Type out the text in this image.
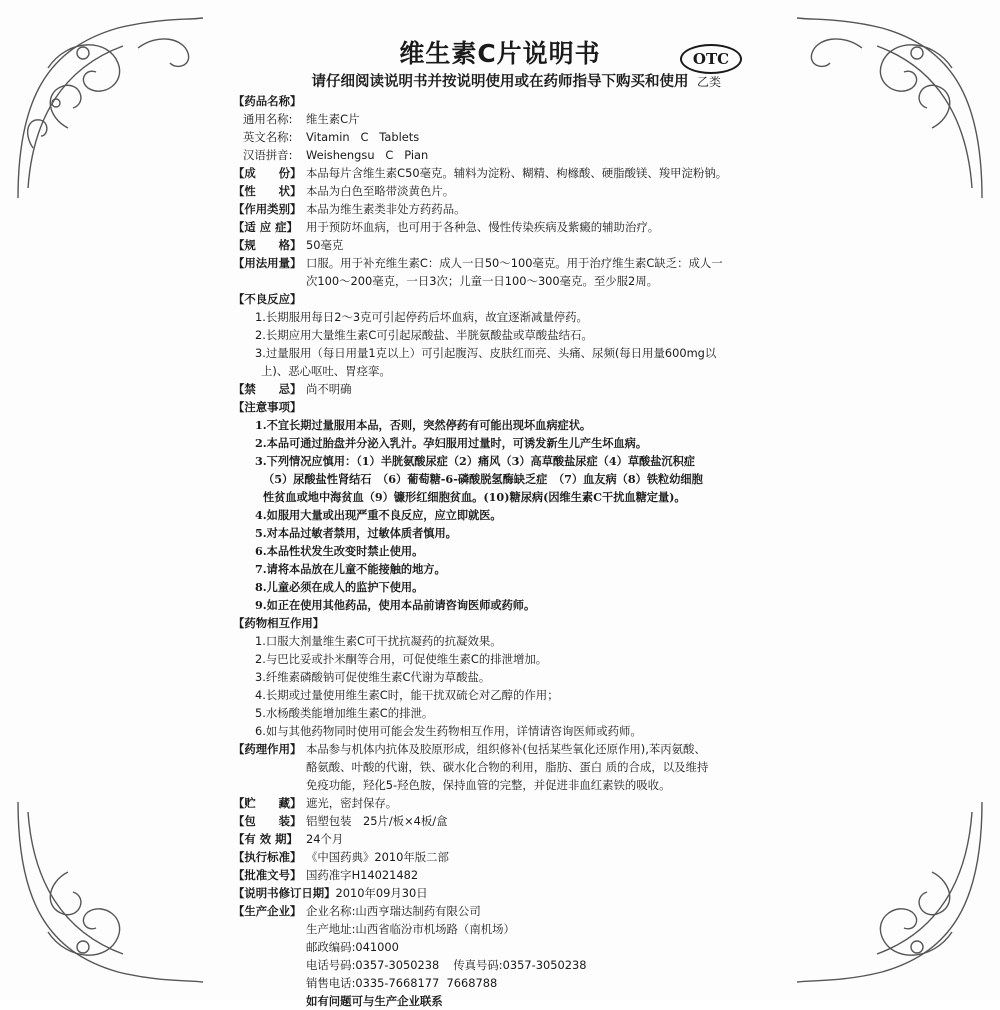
维生素C片说明书	OTC
乙类
请仔细阅读说明书并按说明使用或在药师指导下购买和使用
【药品名称】
通用名称:	维生素C片
英文名称:	Vitamin   C   Tablets
汉语拼音:	Weishengsu   C   Pian
【成　　份】 本品每片含维生素C50毫克。辅料为淀粉、糊精、枸橼酸、硬脂酸镁、羧甲淀粉钠。
【性　　状】 本品为白色至略带淡黄色片。
【作用类别】 本品为维生素类非处方药药品。
【适 应 症】 用于预防坏血病，也可用于各种急、慢性传染疾病及紫癜的辅助治疗。
【规　　格】 50毫克
【用法用量】 口服。用于补充维生素C：成人一日50～100毫克。用于治疗维生素C缺乏：成人一
次100～200毫克，一日3次；儿童一日100～300毫克。至少服2周。
【不良反应】
1.长期服用每日2～3克可引起停药后坏血病，故宜逐渐减量停药。
2.长期应用大量维生素C可引起尿酸盐、半胱氨酸盐或草酸盐结石。
3.过量服用（每日用量1克以上）可引起腹泻、皮肤红而亮、头痛、尿频(每日用量600mg以
上)、恶心呕吐、胃痉挛。
【禁　　忌】 尚不明确
【注意事项】
1.不宜长期过量服用本品，否则，突然停药有可能出现坏血病症状。
2.本品可通过胎盘并分泌入乳汁。孕妇服用过量时，可诱发新生儿产生坏血病。
3.下列情况应慎用：（1）半胱氨酸尿症（2）痛风（3）高草酸盐尿症（4）草酸盐沉积症
（5）尿酸盐性肾结石　（6）葡萄糖-6-磷酸脱氢酶缺乏症　（7）血友病（8）铁粒幼细胞
性贫血或地中海贫血（9）镰形红细胞贫血。(10)糖尿病(因维生素C干扰血糖定量)。
4.如服用大量或出现严重不良反应，应立即就医。
5.对本品过敏者禁用，过敏体质者慎用。
6.本品性状发生改变时禁止使用。
7.请将本品放在儿童不能接触的地方。
8.儿童必须在成人的监护下使用。
9.如正在使用其他药品，使用本品前请咨询医师或药师。
【药物相互作用】
1.口服大剂量维生素C可干扰抗凝药的抗凝效果。
2.与巴比妥或扑米酮等合用，可促使维生素C的排泄增加。
3.纤维素磷酸钠可促使维生素C代谢为草酸盐。
4.长期或过量使用维生素C时，能干扰双硫仑对乙醇的作用；
5.水杨酸类能增加维生素C的排泄。
6.如与其他药物同时使用可能会发生药物相互作用，详情请咨询医师或药师。
【药理作用】 本品参与机体内抗体及胶原形成，组织修补(包括某些氧化还原作用),苯丙氨酸、
酪氨酸、叶酸的代谢，铁、碳水化合物的利用，脂肪、蛋白 质的合成，以及维持
免疫功能，羟化5-羟色胺，保持血管的完整，并促进非血红素铁的吸收。
【贮　　藏】 遮光，密封保存。
【包　　装】 铝塑包装　25片/板×4板/盒
【有 效 期】 24个月
【执行标准】 《中国药典》2010年版二部
【批准文号】 国药准字H14021482
【说明书修订日期】 2010年09月30日
【生产企业】 企业名称: 山西亨瑞达制药有限公司
生产地址: 山西省临汾市机场路（南机场）
邮政编码: 041000
电话号码: 0357-3050238 传真号码: 0357-3050238
销售电话: 0335-7668177  7668788
如有问题可与生产企业联系
